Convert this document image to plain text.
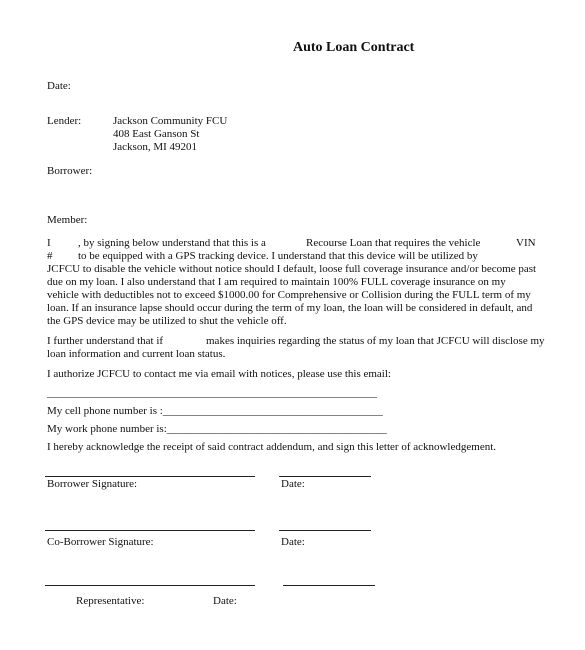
Auto Loan Contract
Date:
Lender:	Jackson Community FCU
408 East Ganson St
Jackson, MI 49201
Borrower:
Member:
I , by signing below understand that this is a	Recourse Loan that requires the vehicle	VIN
# to be equipped with a GPS tracking device. I understand that this device will be utilized by
JCFCU to disable the vehicle without notice should I default, loose full coverage insurance and/or become past
due on my loan. I also understand that I am required to maintain 100% FULL coverage insurance on my
vehicle with deductibles not to exceed $1000.00 for Comprehensive or Collision during the FULL term of my
loan. If an insurance lapse should occur during the term of my loan, the loan will be considered in default, and
the GPS device may be utilized to shut the vehicle off.
I further understand that if	makes inquiries regarding the status of my loan that JCFCU will disclose my
loan information and current loan status.
I authorize JCFCU to contact me via email with notices, please use this email:
____________________________________________________________
My cell phone number is :________________________________________
My work phone number is:________________________________________
I hereby acknowledge the receipt of said contract addendum, and sign this letter of acknowledgement.
Borrower Signature:	Date:
Co-Borrower Signature:	Date:
Representative:	Date:
